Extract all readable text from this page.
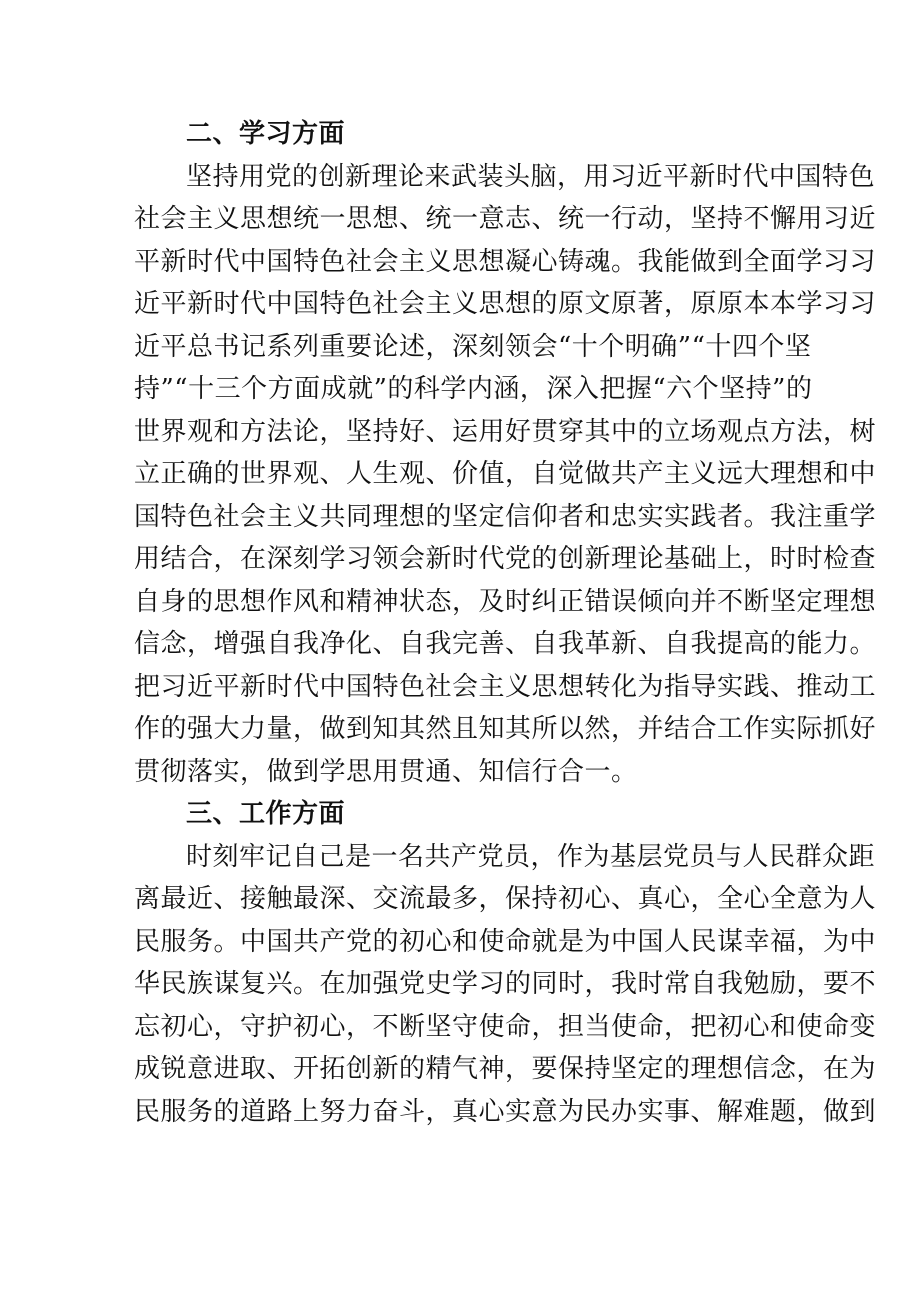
二、学习方面
坚持用党的创新理论来武装头脑，用习近平新时代中国特色
社会主义思想统一思想、统一意志、统一行动，坚持不懈用习近
平新时代中国特色社会主义思想凝心铸魂。我能做到全面学习习
近平新时代中国特色社会主义思想的原文原著，原原本本学习习
近平总书记系列重要论述，深刻领会“十个明确”“十四个坚
持”“十三个方面成就”的科学内涵，深入把握“六个坚持”的
世界观和方法论，坚持好、运用好贯穿其中的立场观点方法，树
立正确的世界观、人生观、价值，自觉做共产主义远大理想和中
国特色社会主义共同理想的坚定信仰者和忠实实践者。我注重学
用结合，在深刻学习领会新时代党的创新理论基础上，时时检查
自身的思想作风和精神状态，及时纠正错误倾向并不断坚定理想
信念，增强自我净化、自我完善、自我革新、自我提高的能力。
把习近平新时代中国特色社会主义思想转化为指导实践、推动工
作的强大力量，做到知其然且知其所以然，并结合工作实际抓好
贯彻落实，做到学思用贯通、知信行合一。
三、工作方面
时刻牢记自己是一名共产党员，作为基层党员与人民群众距
离最近、接触最深、交流最多，保持初心、真心，全心全意为人
民服务。中国共产党的初心和使命就是为中国人民谋幸福，为中
华民族谋复兴。在加强党史学习的同时，我时常自我勉励，要不
忘初心，守护初心，不断坚守使命，担当使命，把初心和使命变
成锐意进取、开拓创新的精气神，要保持坚定的理想信念，在为
民服务的道路上努力奋斗，真心实意为民办实事、解难题，做到
